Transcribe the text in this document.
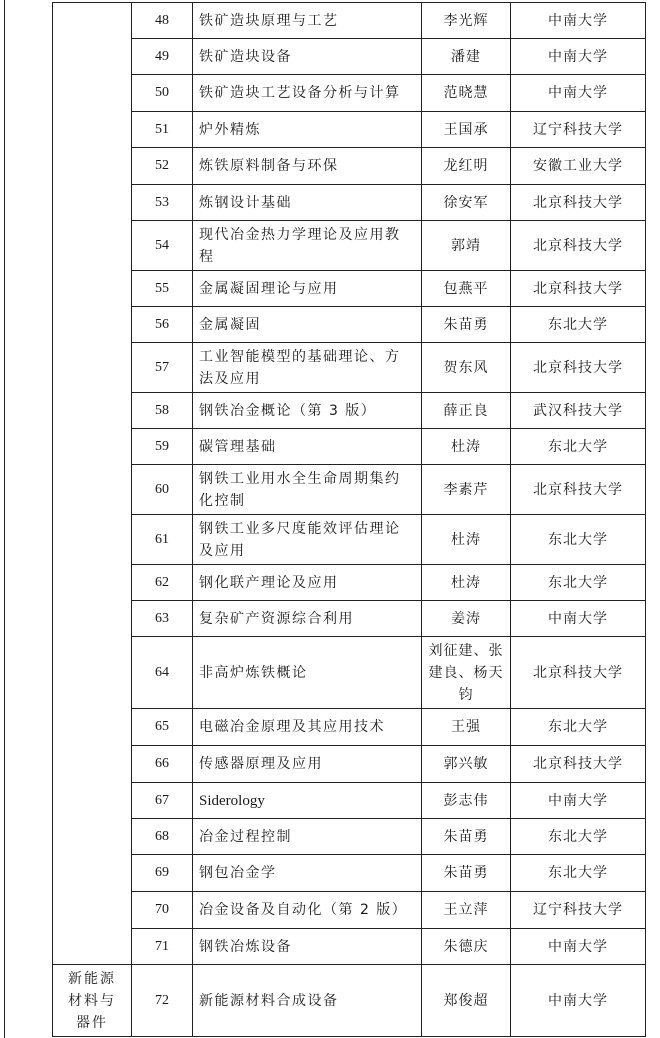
	48	铁矿造块原理与工艺	李光辉	中南大学
	49	铁矿造块设备	潘建	中南大学
	50	铁矿造块工艺设备分析与计算	范晓慧	中南大学
	51	炉外精炼	王国承	辽宁科技大学
	52	炼铁原料制备与环保	龙红明	安徽工业大学
	53	炼钢设计基础	徐安军	北京科技大学
	54	现代冶金热力学理论及应用教程	郭靖	北京科技大学
	55	金属凝固理论与应用	包燕平	北京科技大学
	56	金属凝固	朱苗勇	东北大学
	57	工业智能模型的基础理论、方法及应用	贺东风	北京科技大学
	58	钢铁冶金概论（第 3 版）	薛正良	武汉科技大学
	59	碳管理基础	杜涛	东北大学
	60	钢铁工业用水全生命周期集约化控制	李素芹	北京科技大学
	61	钢铁工业多尺度能效评估理论及应用	杜涛	东北大学
	62	钢化联产理论及应用	杜涛	东北大学
	63	复杂矿产资源综合利用	姜涛	中南大学
	64	非高炉炼铁概论	刘征建、张建良、杨天钧	北京科技大学
	65	电磁冶金原理及其应用技术	王强	东北大学
	66	传感器原理及应用	郭兴敏	北京科技大学
	67	Siderology	彭志伟	中南大学
	68	冶金过程控制	朱苗勇	东北大学
	69	钢包冶金学	朱苗勇	东北大学
	70	冶金设备及自动化（第 2 版）	王立萍	辽宁科技大学
	71	钢铁冶炼设备	朱德庆	中南大学
新能源材料与器件	72	新能源材料合成设备	郑俊超	中南大学
